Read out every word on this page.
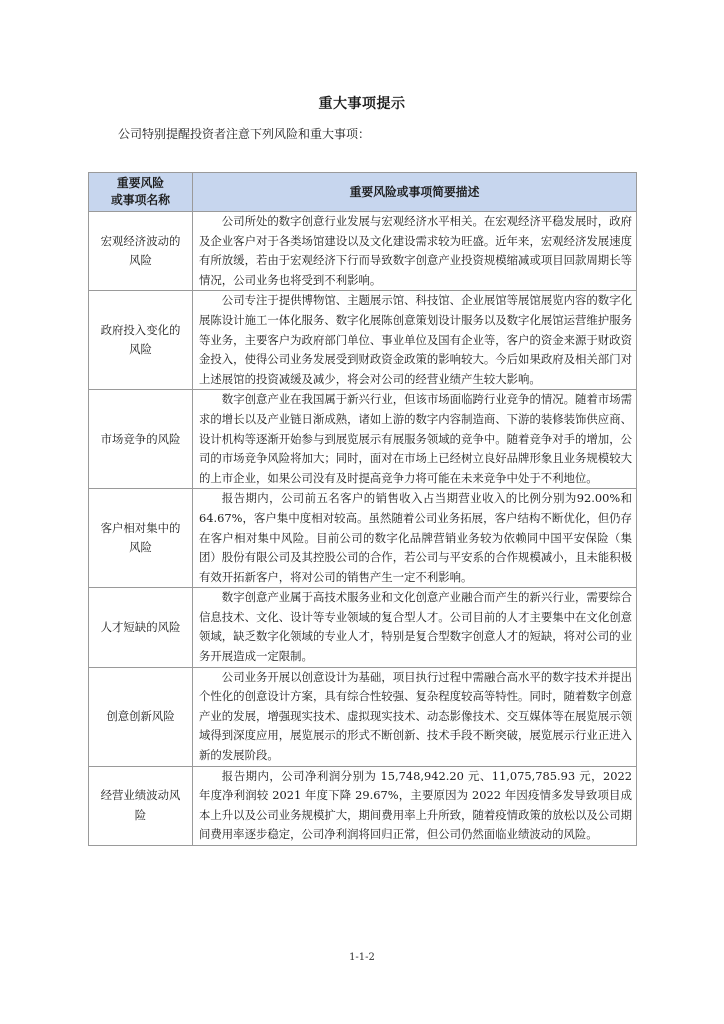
重大事项提示
公司特别提醒投资者注意下列风险和重大事项：
重要风险
或事项名称	重要风险或事项简要描述
宏观经济波动的风险	公司所处的数字创意行业发展与宏观经济水平相关。在宏观经济平稳发展时，政府及企业客户对于各类场馆建设以及文化建设需求较为旺盛。近年来，宏观经济发展速度有所放缓，若由于宏观经济下行而导致数字创意产业投资规模缩减或项目回款周期长等情况，公司业务也将受到不利影响。
政府投入变化的风险	公司专注于提供博物馆、主题展示馆、科技馆、企业展馆等展馆展览内容的数字化展陈设计施工一体化服务、数字化展陈创意策划设计服务以及数字化展馆运营维护服务等业务，主要客户为政府部门单位、事业单位及国有企业等，客户的资金来源于财政资金投入，使得公司业务发展受到财政资金政策的影响较大。今后如果政府及相关部门对上述展馆的投资减缓及减少，将会对公司的经营业绩产生较大影响。
市场竞争的风险	数字创意产业在我国属于新兴行业，但该市场面临跨行业竞争的情况。随着市场需求的增长以及产业链日渐成熟，诸如上游的数字内容制造商、下游的装修装饰供应商、设计机构等逐渐开始参与到展览展示有展服务领域的竞争中。随着竞争对手的增加，公司的市场竞争风险将加大；同时，面对在市场上已经树立良好品牌形象且业务规模较大的上市企业，如果公司没有及时提高竞争力将可能在未来竞争中处于不利地位。
客户相对集中的风险	报告期内，公司前五名客户的销售收入占当期营业收入的比例分别为92.00%和64.67%，客户集中度相对较高。虽然随着公司业务拓展，客户结构不断优化，但仍存在客户相对集中风险。目前公司的数字化品牌营销业务较为依赖同中国平安保险（集团）股份有限公司及其控股公司的合作，若公司与平安系的合作规模减小，且未能积极有效开拓新客户，将对公司的销售产生一定不利影响。
人才短缺的风险	数字创意产业属于高技术服务业和文化创意产业融合而产生的新兴行业，需要综合信息技术、文化、设计等专业领域的复合型人才。公司目前的人才主要集中在文化创意领域，缺乏数字化领域的专业人才，特别是复合型数字创意人才的短缺，将对公司的业务开展造成一定限制。
创意创新风险	公司业务开展以创意设计为基础，项目执行过程中需融合高水平的数字技术并提出个性化的创意设计方案，具有综合性较强、复杂程度较高等特性。同时，随着数字创意产业的发展，增强现实技术、虚拟现实技术、动态影像技术、交互媒体等在展览展示领域得到深度应用，展览展示的形式不断创新、技术手段不断突破，展览展示行业正进入新的发展阶段。
经营业绩波动风险	报告期内，公司净利润分别为 15,748,942.20 元、11,075,785.93 元，2022年度净利润较 2021 年度下降 29.67%，主要原因为 2022 年因疫情多发导致项目成本上升以及公司业务规模扩大，期间费用率上升所致，随着疫情政策的放松以及公司期间费用率逐步稳定，公司净利润将回归正常，但公司仍然面临业绩波动的风险。
1-1-2
